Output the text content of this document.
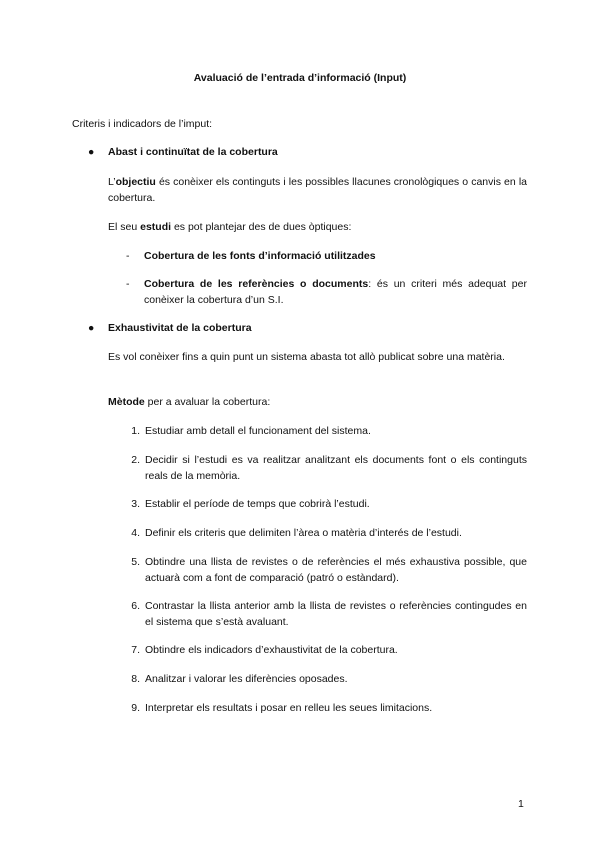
Avaluació de l’entrada d’informació (Input)
Criteris i indicadors de l’imput:
● Abast i continuïtat de la cobertura
L’objectiu és conèixer els continguts i les possibles llacunes cronològiques o canvis en la cobertura.
El seu estudi es pot plantejar des de dues òptiques:
- Cobertura de les fonts d’informació utilitzades
- Cobertura de les referències o documents: és un criteri més adequat per conèixer la cobertura d’un S.I.
● Exhaustivitat de la cobertura
Es vol conèixer fins a quin punt un sistema abasta tot allò publicat sobre una matèria.
Mètode per a avaluar la cobertura:
1. Estudiar amb detall el funcionament del sistema.
2. Decidir si l’estudi es va realitzar analitzant els documents font o els continguts reals de la memòria.
3. Establir el període de temps que cobrirà l’estudi.
4. Definir els criteris que delimiten l’àrea o matèria d’interés de l’estudi.
5. Obtindre una llista de revistes o de referències el més exhaustiva possible, que actuarà com a font de comparació (patró o estàndard).
6. Contrastar la llista anterior amb la llista de revistes o referències contingudes en el sistema que s’està avaluant.
7. Obtindre els indicadors d’exhaustivitat de la cobertura.
8. Analitzar i valorar les diferències oposades.
9. Interpretar els resultats i posar en relleu les seues limitacions.
1
